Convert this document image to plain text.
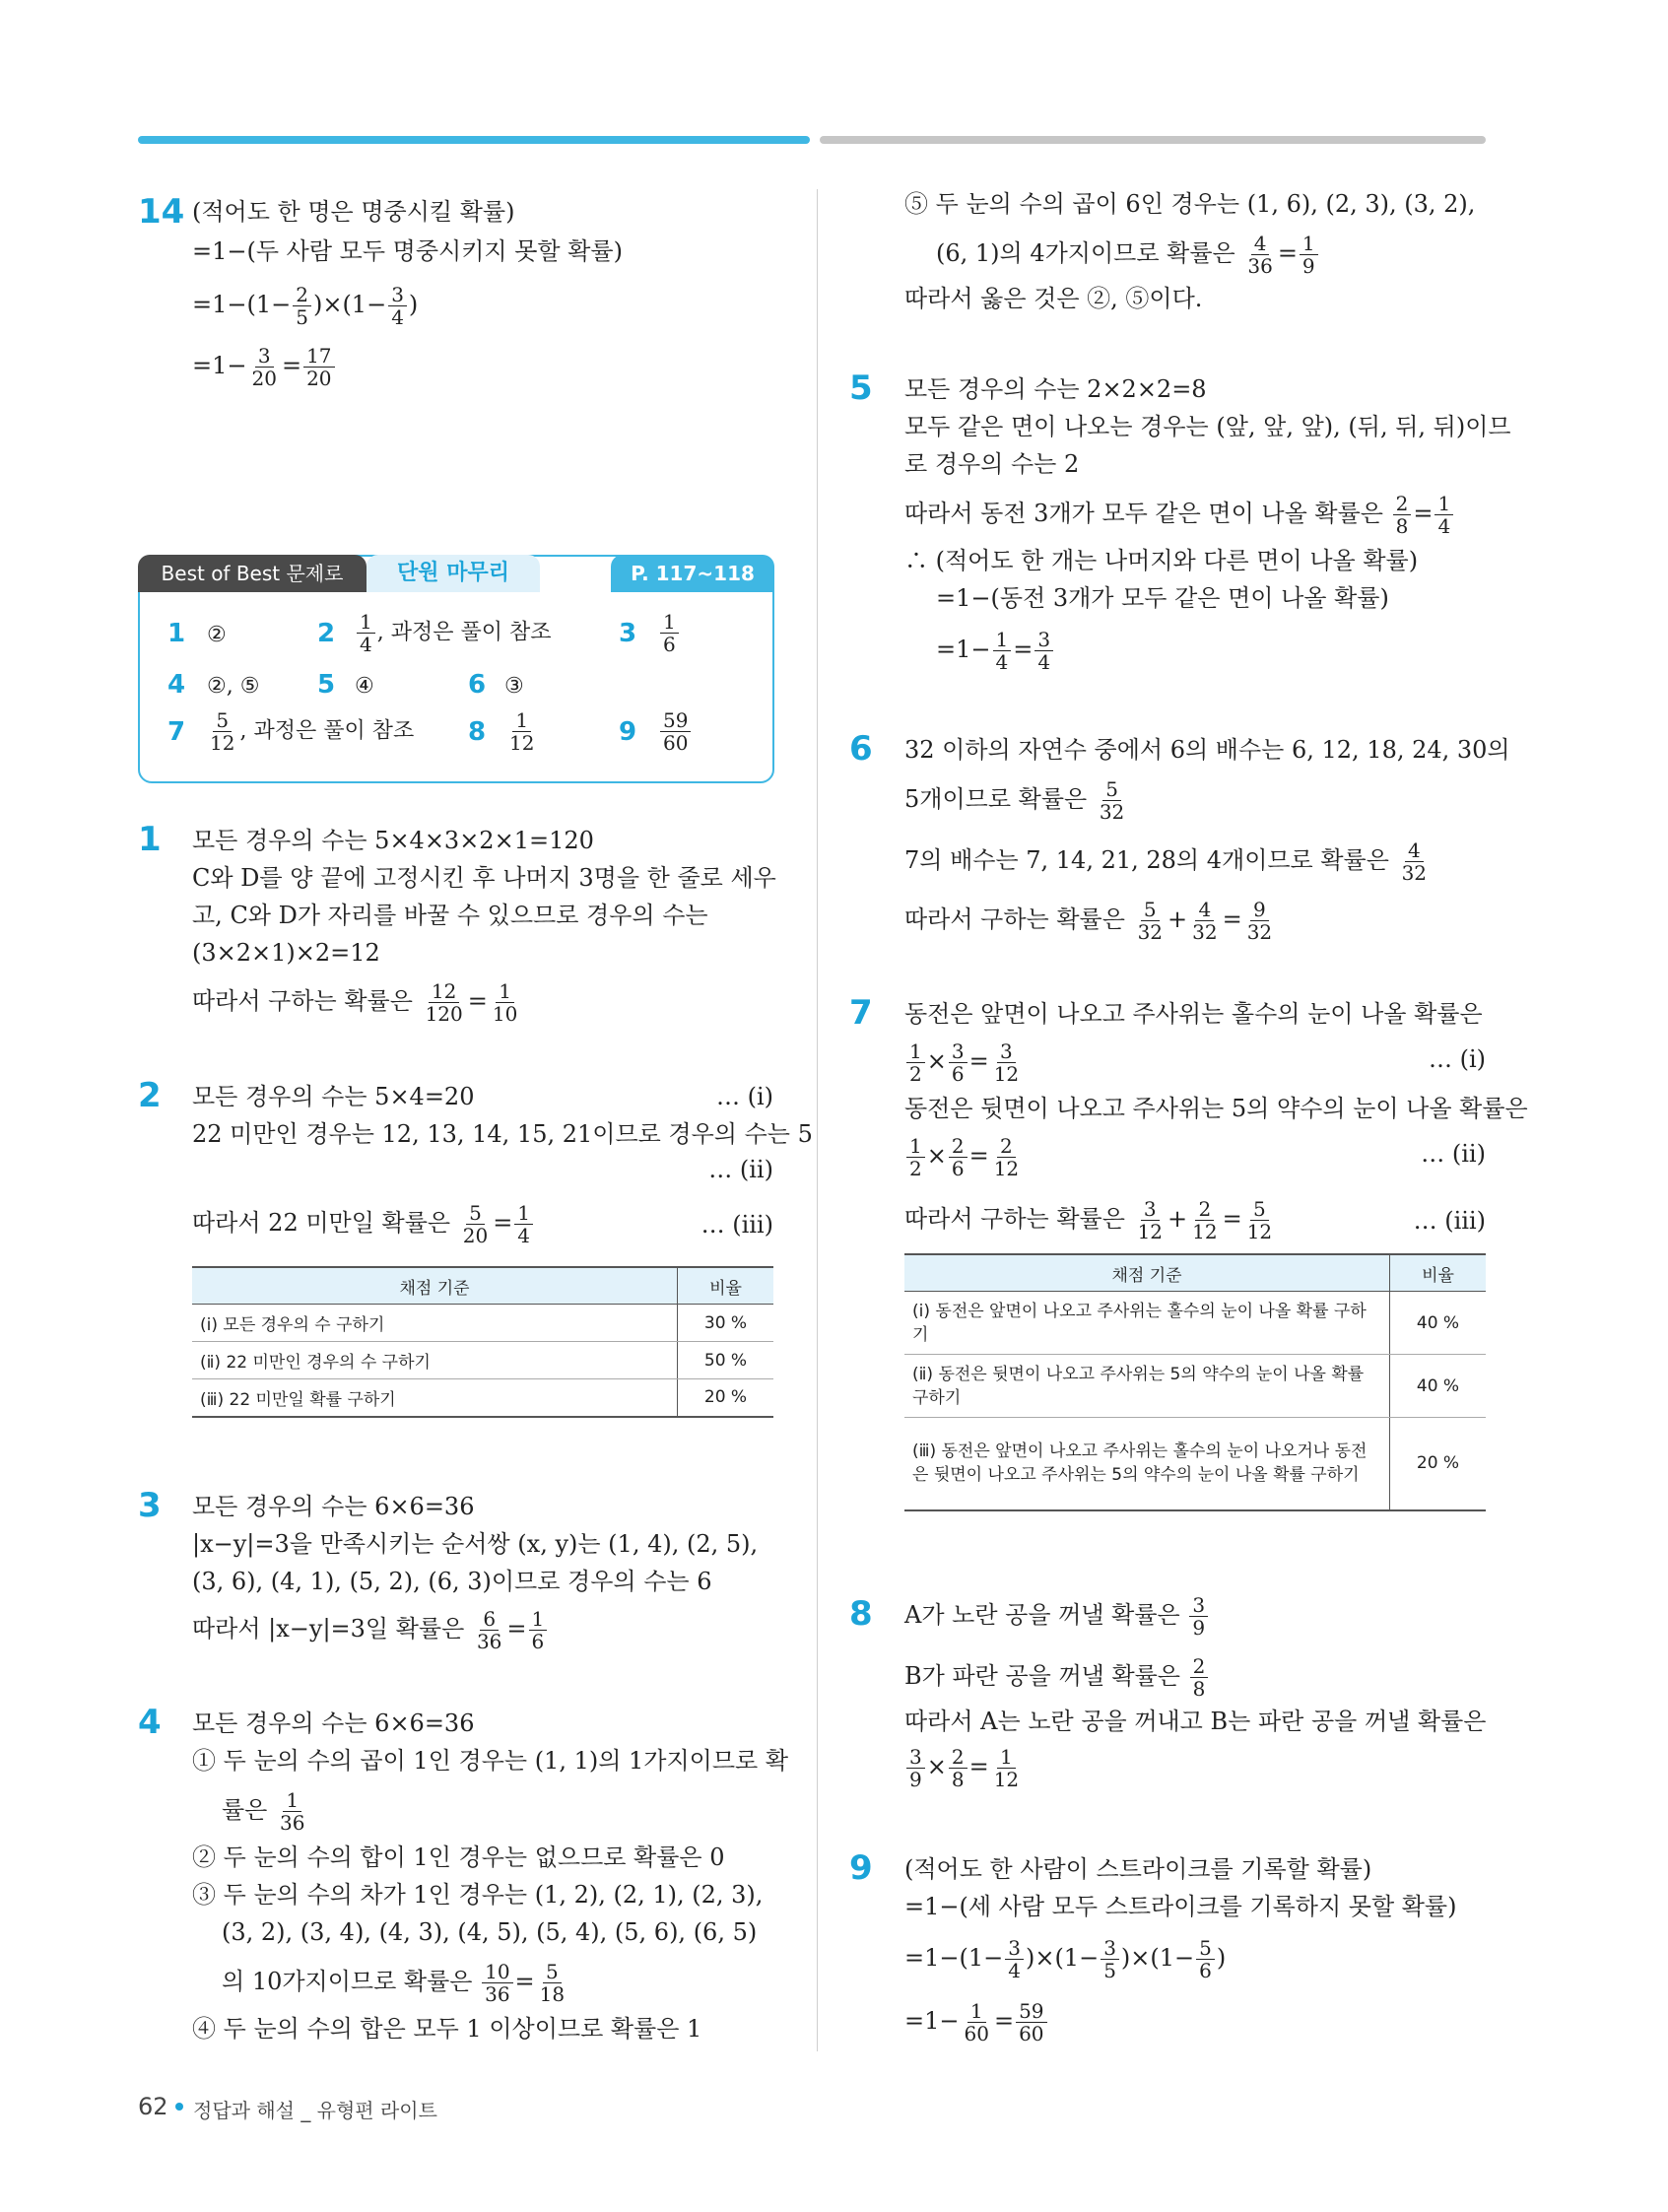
14 (적어도 한 명은 명중시킬 확률)
=1−(두 사람 모두 명중시키지 못할 확률)
$=1-(1- \frac{2}{5} )\times(1- \frac{3}{4}$ )
$=1- \frac{3}{20} = \frac{17}{20}$
Best of Best 문제로	단원 마무리	P. 117~118
1 ②	$2 \frac{1}{4}$ , 과정은 풀이 참조	$3 \frac{1}{6}$
4 ②, ⑤ 5 ④	6 ③
$7 \frac{5}{12}$ , 과정은 풀이 참조 $8 \frac{1}{12}$	$9 \frac{59}{60}$
1 모든 경우의 수는 5×4×3×2×1=120
C와 D를 양 끝에 고정시킨 후 나머지 3명을 한 줄로 세우
고, C와 D가 자리를 바꿀 수 있으므로 경우의 수는
(3×2×1)×2=12
따라서 구하는 확률은 $\frac{12}{120} = \frac{1}{10}$
2 모든 경우의 수는 5×4=20	… (ⅰ)
22 미만인 경우는 12, 13, 14, 15, 21이므로 경우의 수는 5
… (ⅱ)
따라서 22 미만일 확률은 $\frac{5}{20} = \frac{1}{4}$	… (ⅲ)
채점 기준	비율
(ⅰ) 모든 경우의 수 구하기	30 %
(ⅱ) 22 미만인 경우의 수 구하기	50 %
(ⅲ) 22 미만일 확률 구하기	20 %
3 모든 경우의 수는 6×6=36
|x−y|=3을 만족시키는 순서쌍 (x, y)는 (1, 4), (2, 5),
(3, 6), (4, 1), (5, 2), (6, 3)이므로 경우의 수는 6
따라서 |x−y|=3일 확률은 $\frac{6}{36} = \frac{1}{6}$
4 모든 경우의 수는 6×6=36
① 두 눈의 수의 곱이 1인 경우는 (1, 1)의 1가지이므로 확
률은 $\frac{1}{36}$
② 두 눈의 수의 합이 1인 경우는 없으므로 확률은 0
③ 두 눈의 수의 차가 1인 경우는 (1, 2), (2, 1), (2, 3),
(3, 2), (3, 4), (4, 3), (4, 5), (5, 4), (5, 6), (6, 5)
의 10가지이므로 확률은 $\frac{10}{36} = \frac{5}{18}$
④ 두 눈의 수의 합은 모두 1 이상이므로 확률은 1
⑤ 두 눈의 수의 곱이 6인 경우는 (1, 6), (2, 3), (3, 2),
(6, 1)의 4가지이므로 확률은 $\frac{4}{36} = \frac{1}{9}$
따라서 옳은 것은 ②, ⑤이다.
5 모든 경우의 수는 2×2×2=8
모두 같은 면이 나오는 경우는 (앞, 앞, 앞), (뒤, 뒤, 뒤)이므
로 경우의 수는 2
따라서 동전 3개가 모두 같은 면이 나올 확률은 $\frac{2}{8} = \frac{1}{4}$
∴ (적어도 한 개는 나머지와 다른 면이 나올 확률)
=1−(동전 3개가 모두 같은 면이 나올 확률)
$=1- \frac{1}{4} = \frac{3}{4}$
6 32 이하의 자연수 중에서 6의 배수는 6, 12, 18, 24, 30의
5개이므로 확률은 $\frac{5}{32}$
7의 배수는 7, 14, 21, 28의 4개이므로 확률은 $\frac{4}{32}$
따라서 구하는 확률은 $\frac{5}{32} + \frac{4}{32} = \frac{9}{32}$
7 동전은 앞면이 나오고 주사위는 홀수의 눈이 나올 확률은
$\frac{1}{2} \times \frac{3}{6} = \frac{3}{12}$	… (ⅰ)
동전은 뒷면이 나오고 주사위는 5의 약수의 눈이 나올 확률은
$\frac{1}{2} \times \frac{2}{6} = \frac{2}{12}$	… (ⅱ)
따라서 구하는 확률은 $\frac{3}{12} + \frac{2}{12} = \frac{5}{12}$	… (ⅲ)
채점 기준	비율
(ⅰ) 동전은 앞면이 나오고 주사위는 홀수의 눈이 나올 확률 구하기	40 %
(ⅱ) 동전은 뒷면이 나오고 주사위는 5의 약수의 눈이 나올 확률 구하기	40 %
(ⅲ) 동전은 앞면이 나오고 주사위는 홀수의 눈이 나오거나 동전은 뒷면이 나오고 주사위는 5의 약수의 눈이 나올 확률 구하기	20 %
8 A가 노란 공을 꺼낼 확률은 $\frac{3}{9}$
B가 파란 공을 꺼낼 확률은 $\frac{2}{8}$
따라서 A는 노란 공을 꺼내고 B는 파란 공을 꺼낼 확률은
$\frac{3}{9} \times \frac{2}{8} = \frac{1}{12}$
9 (적어도 한 사람이 스트라이크를 기록할 확률)
=1−(세 사람 모두 스트라이크를 기록하지 못할 확률)
$=1-(1- \frac{3}{4} )\times(1- \frac{3}{5} )\times(1- \frac{5}{6}$ )
$=1- \frac{1}{60} = \frac{59}{60}$
62 정답과 해설 _ 유형편 라이트
